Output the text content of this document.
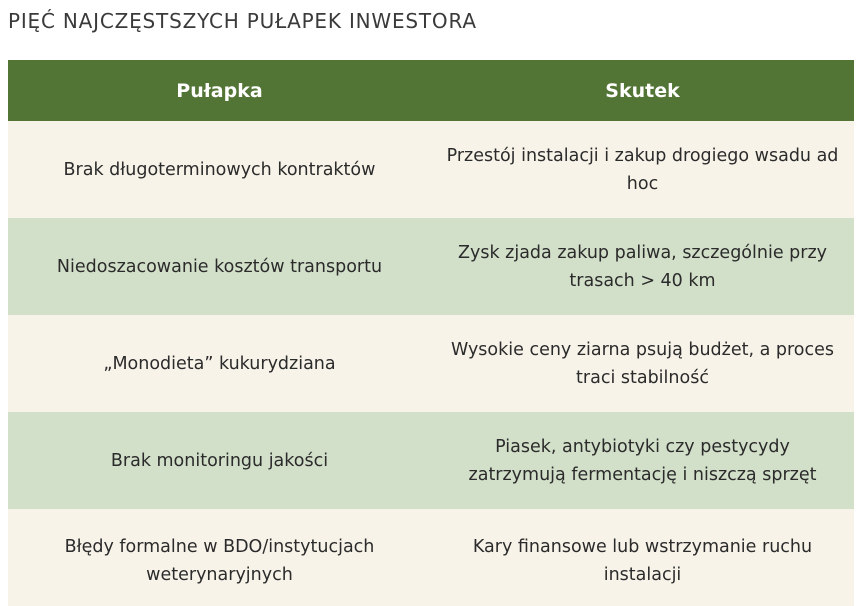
PIĘĆ NAJCZĘSTSZYCH PUŁAPEK INWESTORA
Pułapka	Skutek
Brak długoterminowych kontraktów
Przestój instalacji i zakup drogiego wsadu ad hoc
Niedoszacowanie kosztów transportu
Zysk zjada zakup paliwa, szczególnie przy trasach > 40 km
„Monodieta” kukurydziana
Wysokie ceny ziarna psują budżet, a proces traci stabilność
Brak monitoringu jakości
Piasek, antybiotyki czy pestycydy zatrzymują fermentację i niszczą sprzęt
Błędy formalne w BDO/instytucjach weterynaryjnych
Kary finansowe lub wstrzymanie ruchu instalacji
